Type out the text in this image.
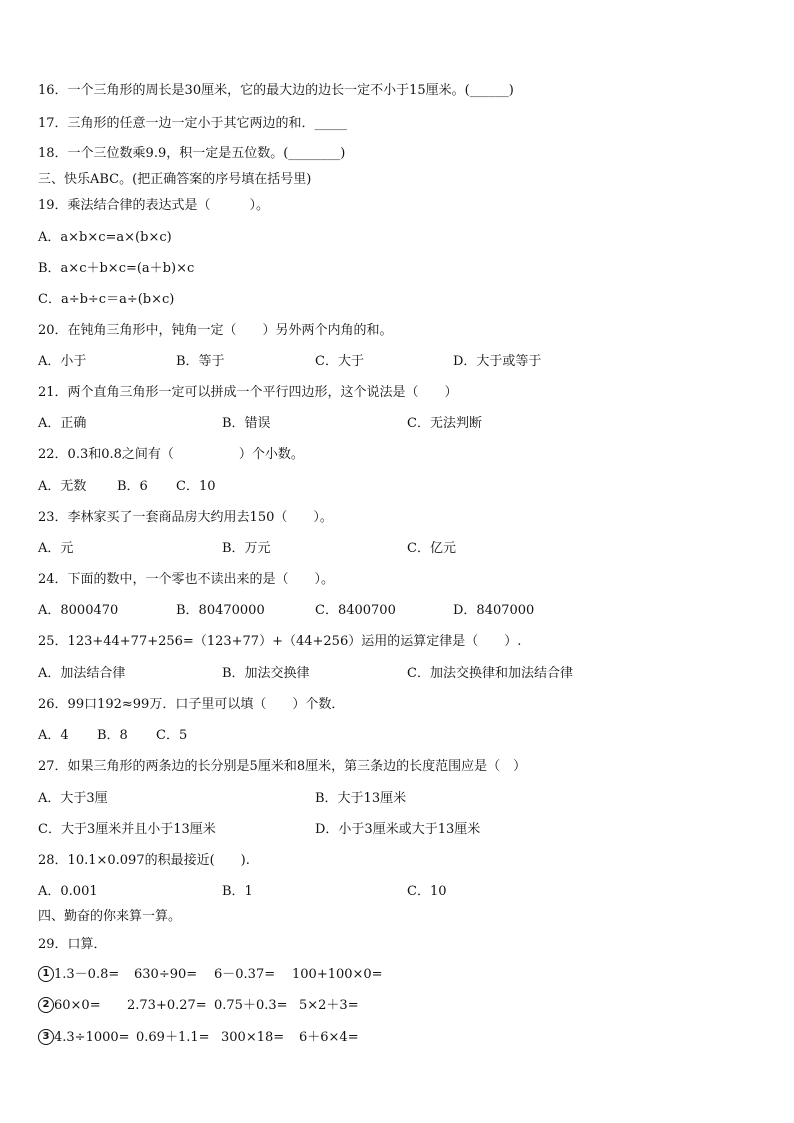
16．一个三角形的周长是30厘米，它的最大边的边长一定不小于15厘米。(______)
17．三角形的任意一边一定小于其它两边的和．_____
18．一个三位数乘9.9，积一定是五位数。(________)
三、快乐ABC。(把正确答案的序号填在括号里)
19．乘法结合律的表达式是（　　　）。
A．a×b×c=a×(b×c)
B．a×c＋b×c=(a＋b)×c
C．a÷b÷c＝a÷(b×c)
20．在钝角三角形中，钝角一定（　　）另外两个内角的和。
A．小于	B．等于	C．大于	D．大于或等于
21．两个直角三角形一定可以拼成一个平行四边形，这个说法是（　　）
A．正确	B．错误	C．无法判断
22．0.3和0.8之间有（　　　　　）个小数。
A．无数 B．6 C．10
23．李林家买了一套商品房大约用去150（　　）。
A．元	B．万元	C．亿元
24．下面的数中，一个零也不读出来的是（　　）。
A．8000470	B．80470000	C．8400700	D．8407000
25．123+44+77+256=（123+77）+（44+256）运用的运算定律是（　　）.
A．加法结合律	B．加法交换律	C．加法交换律和加法结合律
26．99口192≈99万．口子里可以填（　　）个数．
A．4 B．8 C．5
27．如果三角形的两条边的长分别是5厘米和8厘米，第三条边的长度范围应是（　）
A．大于3厘	B．大于13厘米
C．大于3厘米并且小于13厘米	D．小于3厘米或大于13厘米
28．10.1×0.097的积最接近(　　).
A．0.001	B．1	C．10
四、勤奋的你来算一算。
29．口算．
1 1.3－0.8= 630÷90= 6－0.37= 100+100×0=
2 60×0= 2.73+0.27= 0.75＋0.3= 5×2＋3=
3 4.3÷1000= 0.69＋1.1= 300×18= 6＋6×4=
